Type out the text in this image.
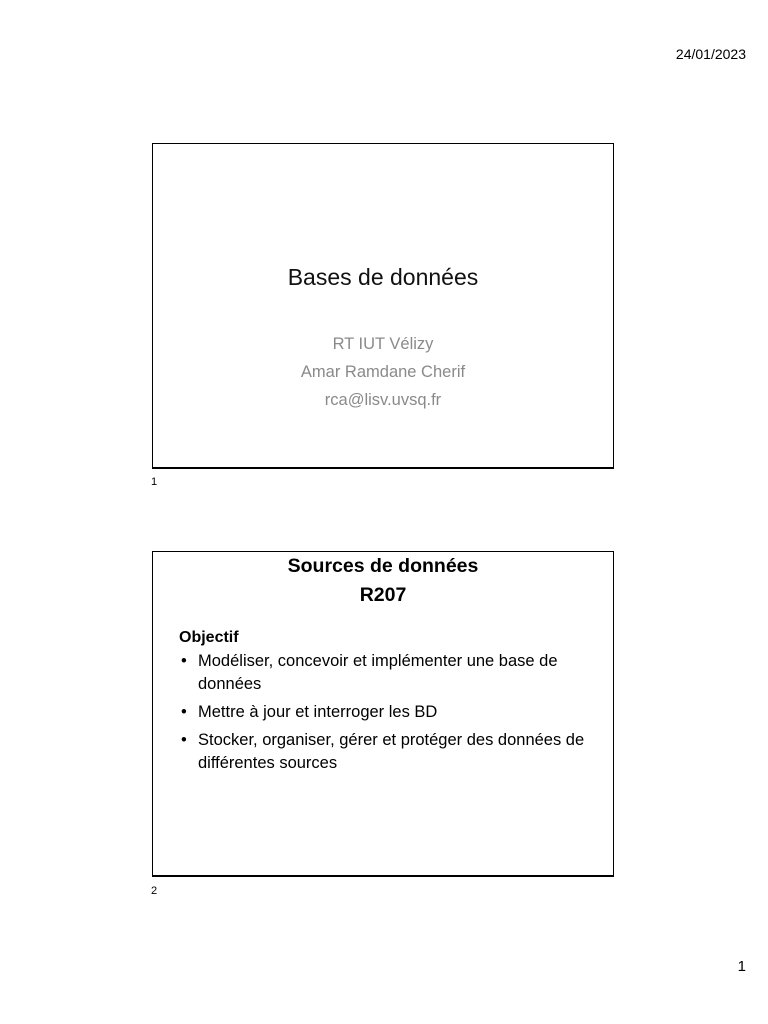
24/01/2023
Bases de données
RT IUT Vélizy
Amar Ramdane Cherif
rca@lisv.uvsq.fr
1
Sources de données
R207
Objectif
• Modéliser, concevoir et implémenter une base de données
• Mettre à jour et interroger les BD
• Stocker, organiser, gérer et protéger des données de différentes sources
2
1
